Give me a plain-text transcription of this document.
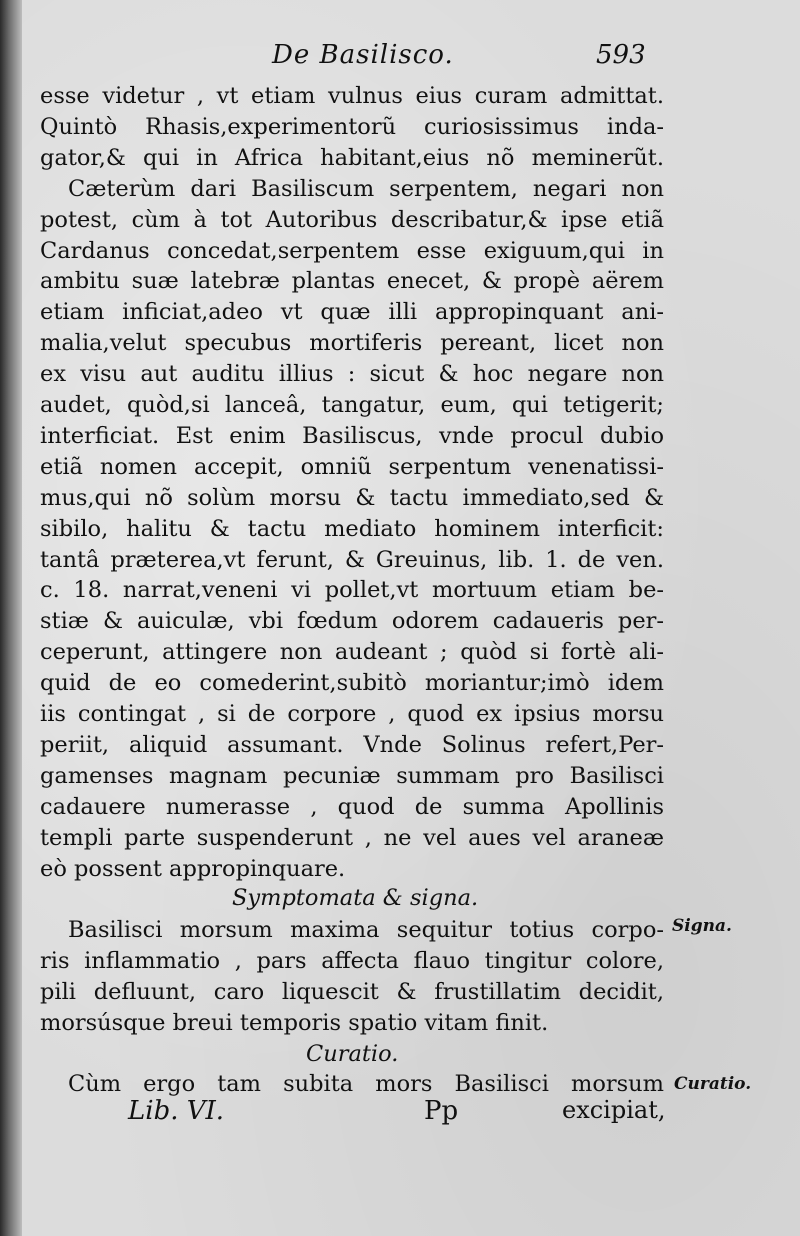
De Basilisco.	593
esse videtur , vt etiam vulnus eius curam admittat.
Quintò Rhasis,experimentorũ curiosissimus inda-
gator,& qui in Africa habitant,eius nõ meminerũt.
Cæterùm dari Basiliscum serpentem, negari non
potest, cùm à tot Autoribus describatur,& ipse etiã
Cardanus concedat,serpentem esse exiguum,qui in
ambitu suæ latebræ plantas enecet, & propè aërem
etiam inficiat,adeo vt quæ illi appropinquant ani-
malia,velut specubus mortiferis pereant, licet non
ex visu aut auditu illius : sicut & hoc negare non
audet, quòd,si lanceâ, tangatur, eum, qui tetigerit;
interficiat. Est enim Basiliscus, vnde procul dubio
etiã nomen accepit, omniũ serpentum venenatissi-
mus,qui nõ solùm morsu & tactu immediato,sed &
sibilo, halitu & tactu mediato hominem interficit:
tantâ præterea,vt ferunt, & Greuinus, lib. 1. de ven.
c. 18. narrat,veneni vi pollet,vt mortuum etiam be-
stiæ & auiculæ, vbi fœdum odorem cadaueris per-
ceperunt, attingere non audeant ; quòd si fortè ali-
quid de eo comederint,subitò moriantur;imò idem
iis contingat , si de corpore , quod ex ipsius morsu
periit, aliquid assumant. Vnde Solinus refert,Per-
gamenses magnam pecuniæ summam pro Basilisci
cadauere numerasse , quod de summa Apollinis
templi parte suspenderunt , ne vel aues vel araneæ
eò possent appropinquare.
Symptomata & signa.
Basilisci morsum maxima sequitur totius corpo-
ris inflammatio , pars affecta flauo tingitur colore,
pili defluunt, caro liquescit & frustillatim decidit,
morsúsque breui temporis spatio vitam finit.
Curatio.
Cùm ergo tam subita mors Basilisci morsum
Lib. VI.	Pp	excipiat,
Signa.
Curatio.
